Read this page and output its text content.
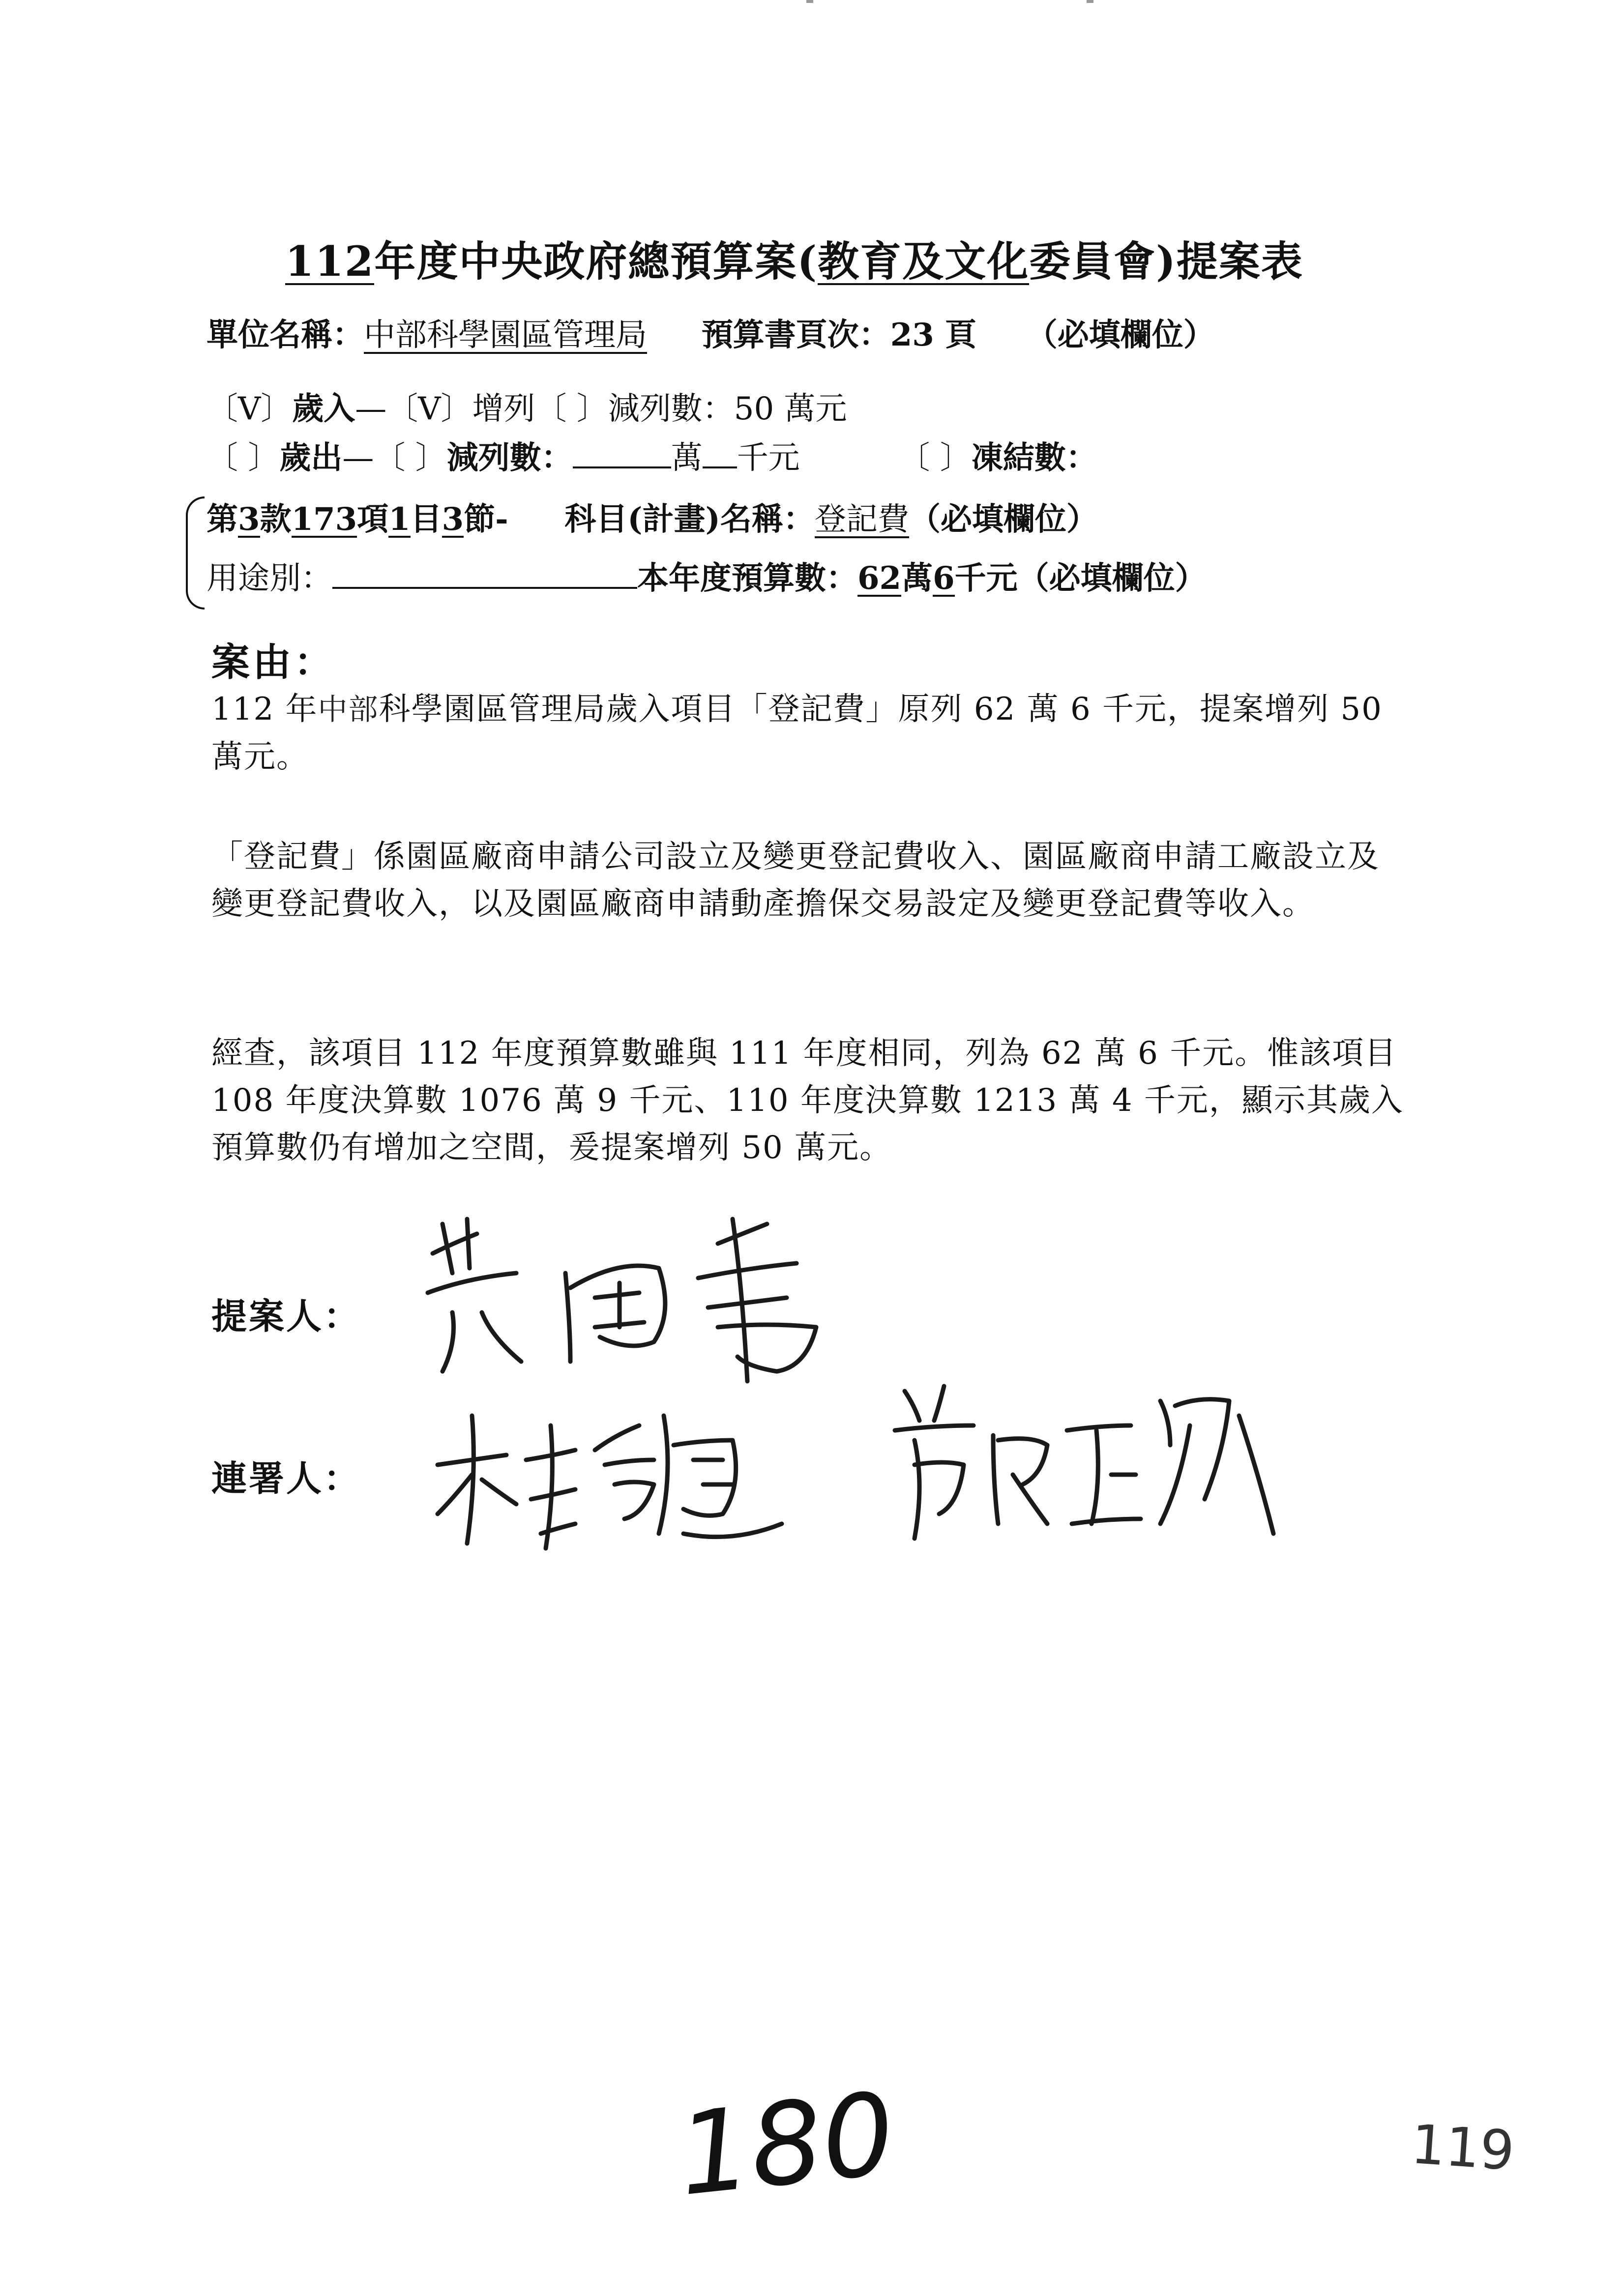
112年度中央政府總預算案(教育及文化委員會)提案表
單位名稱：中部科學園區管理局 預算書頁次：23 頁 （必填欄位）
〔V〕歲入—〔V〕增列〔 〕減列數：50 萬元
〔 〕歲出—〔 〕減列數：	萬 千元	〔 〕凍結數：
第3款173項1目3節- 科目(計畫)名稱：登記費（必填欄位）
用途別：	本年度預算數：62萬6千元（必填欄位）
案由：
112 年中部科學園區管理局歲入項目「登記費」原列 62 萬 6 千元，提案增列 50 萬元。
「登記費」係園區廠商申請公司設立及變更登記費收入、園區廠商申請工廠設立及變更登記費收入，以及園區廠商申請動產擔保交易設定及變更登記費等收入。
經查，該項目 112 年度預算數雖與 111 年度相同，列為 62 萬 6 千元。惟該項目 108 年度決算數 1076 萬 9 千元、110 年度決算數 1213 萬 4 千元，顯示其歲入預算數仍有增加之空間，爰提案增列 50 萬元。
提案人：
連署人：
180	119
